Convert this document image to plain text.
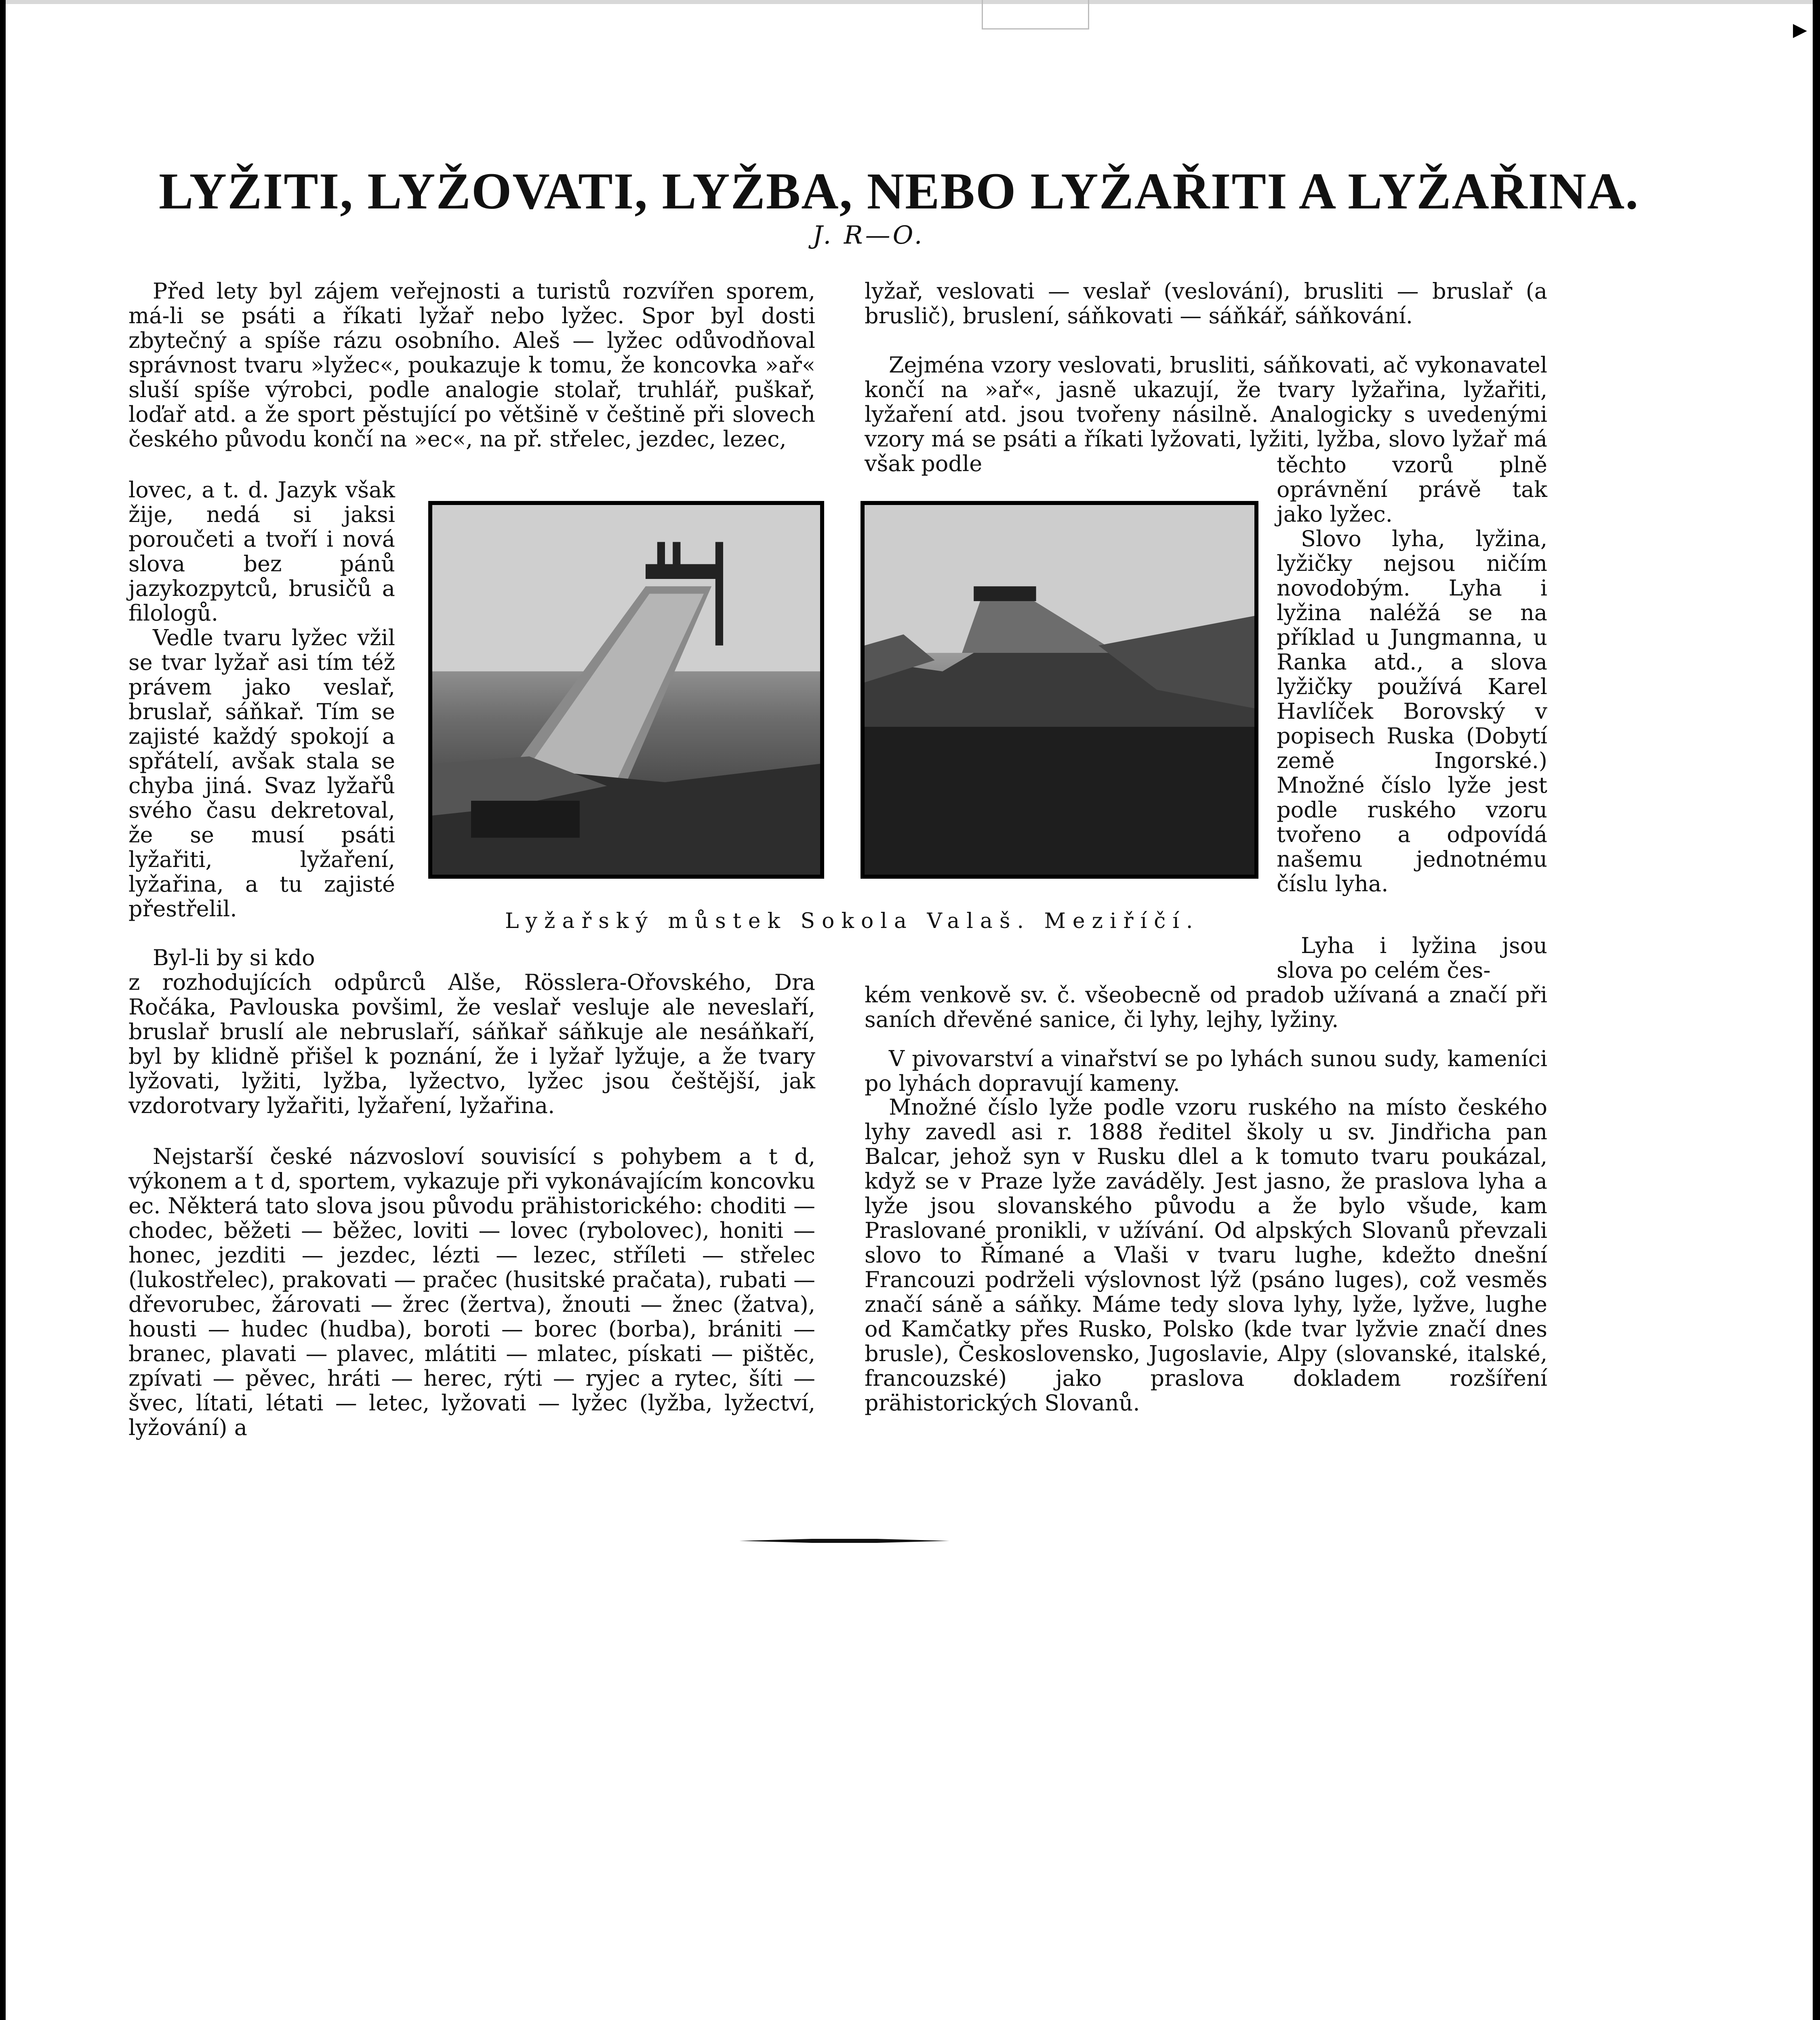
▸
LYŽITI, LYŽOVATI, LYŽBA, NEBO LYŽAŘITI A LYŽAŘINA.
J. R—O.

Před lety byl zájem veřejnosti a turistů rozvířen sporem, má-li se psáti a říkati lyžař nebo lyžec. Spor byl dosti zbytečný a spíše rázu osobního. Aleš — lyžec odůvodňoval správnost tvaru »lyžec«, poukazuje k tomu, že koncovka »ař« sluší spíše výrobci, podle analogie stolař, truhlář, puškař, loďař atd. a že sport pěstující po většině v češtině při slovech českého původu končí na »ec«, na př. střelec, jezdec, lezec,

lovec, a t. d. Jazyk však žije, nedá si jaksi poroučeti a tvoří i nová slova bez pánů jazykozpytců, brusičů a filologů.

Vedle tvaru lyžec vžil se tvar lyžař asi tím též právem jako veslař, bruslař, sáňkař. Tím se zajisté každý spokojí a spřátelí, avšak stala se chyba jiná. Svaz lyžařů svého času dekretoval, že se musí psáti lyžařiti, lyžaření, lyžařina, a tu zajisté přestřelil.

Byl-li by si kdo

z rozhodujících odpůrců Alše, Rösslera-Ořovského, Dra Ročáka, Pavlouska povšiml, že veslař vesluje ale neveslaří, bruslař bruslí ale nebruslaří, sáňkař sáňkuje ale nesáňkaří, byl by klidně přišel k poznání, že i lyžař lyžuje, a že tvary lyžovati, lyžiti, lyžba, lyžectvo, lyžec jsou češtější, jak vzdorotvary lyžařiti, lyžaření, lyžařina.

Nejstarší české názvosloví souvisící s pohybem a t d, výkonem a t d, sportem, vykazuje při vykonávajícím koncovku ec. Některá tato slova jsou původu prähistorického: choditi — chodec, běžeti — běžec, loviti — lovec (rybolovec), honiti — honec, jezditi — jezdec, lézti — lezec, stříleti — střelec (lukostřelec), prakovati — pračec (husitské pračata), rubati — dřevorubec, žárovati — žrec (žertva), žnouti — žnec (žatva), housti — hudec (hudba), boroti — borec (borba), brániti — branec, plavati — plavec, mlátiti — mlatec, pískati — pištěc, zpívati — pěvec, hráti — herec, rýti — ryjec a rytec, šíti — švec, lítati, létati — letec, lyžovati — lyžec (lyžba, lyžectví, lyžování) a

lyžař, veslovati — veslař (veslování), brusliti — bruslař (a bruslič), bruslení, sáňkovati — sáňkář, sáňkování.

Zejména vzory veslovati, brusliti, sáňkovati, ač vykonavatel končí na »ař«, jasně ukazují, že tvary lyžařina, lyžařiti, lyžaření atd. jsou tvořeny násilně. Analogicky s uvedenými vzory má se psáti a říkati lyžovati, lyžiti, lyžba, slovo lyžař má však podle	těchto vzorů plně oprávnění právě tak jako lyžec.

Slovo lyha, lyžina, lyžičky nejsou ničím novodobým. Lyha i lyžina naléžá se na příklad u Jungmanna, u Ranka atd., a slova lyžičky používá Karel Havlíček Borovský v popisech Ruska (Dobytí země Ingorské.) Množné číslo lyže jest podle ruského vzoru tvořeno a odpovídá našemu jednotnému číslu lyha.

Lyha i lyžina jsou slova po celém čes-

kém venkově sv. č. všeobecně od pradob užívaná a značí při saních dřevěné sanice, či lyhy, lejhy, lyžiny.

V pivovarství a vinařství se po lyhách sunou sudy, kameníci po lyhách dopravují kameny.

Množné číslo lyže podle vzoru ruského na místo českého lyhy zavedl asi r. 1888 ředitel školy u sv. Jindřicha pan Balcar, jehož syn v Rusku dlel a k tomuto tvaru poukázal, když se v Praze lyže zaváděly. Jest jasno, že praslova lyha a lyže jsou slovanského původu a že bylo všude, kam Praslované pronikli, v užívání. Od alpských Slovanů převzali slovo to Římané a Vlaši v tvaru lughe, kdežto dnešní Francouzi podrželi výslovnost lýž (psáno luges), což vesměs značí sáně a sáňky. Máme tedy slova lyhy, lyže, lyžve, lughe od Kamčatky přes Rusko, Polsko (kde tvar lyžvie značí dnes brusle), Československo, Jugoslavie, Alpy (slovanské, italské, francouzské) jako praslova dokladem rozšíření prähistorických Slovanů.

Lyžařský můstek Sokola Valaš. Meziříčí.
